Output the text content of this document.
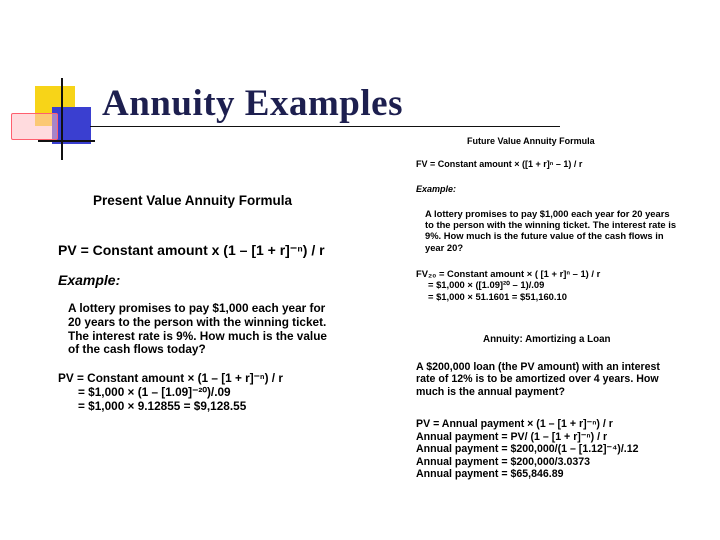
Annuity Examples
Present Value Annuity Formula
PV = Constant amount x (1 – [1 + r]⁻ⁿ) / r
Example:
A lottery promises to pay $1,000 each year for 20 years to the person with the winning ticket. The interest rate is 9%. How much is the value of the cash flows today?
PV = Constant amount × (1 – [1 + r]⁻ⁿ) / r
= $1,000 × (1 – [1.09]⁻²⁰)/.09
= $1,000 × 9.12855 = $9,128.55
Future Value Annuity Formula
FV = Constant amount × ([1 + r]ⁿ – 1) / r
Example:
A lottery promises to pay $1,000 each year for 20 years to the person with the winning ticket. The interest rate is 9%. How much is the future value of the cash flows in year 20?
FV₂₀ = Constant amount × ( [1 + r]ⁿ – 1) / r
= $1,000 × ([1.09]²⁰ – 1)/.09
= $1,000 × 51.1601 = $51,160.10
Annuity: Amortizing a Loan
A $200,000 loan (the PV amount) with an interest rate of 12% is to be amortized over 4 years. How much is the annual payment?
PV = Annual payment × (1 – [1 + r]⁻ⁿ) / r
Annual payment = PV/ (1 – [1 + r]⁻ⁿ) / r
Annual payment = $200,000/(1 – [1.12]⁻⁴)/.12
Annual payment = $200,000/3.0373
Annual payment = $65,846.89
